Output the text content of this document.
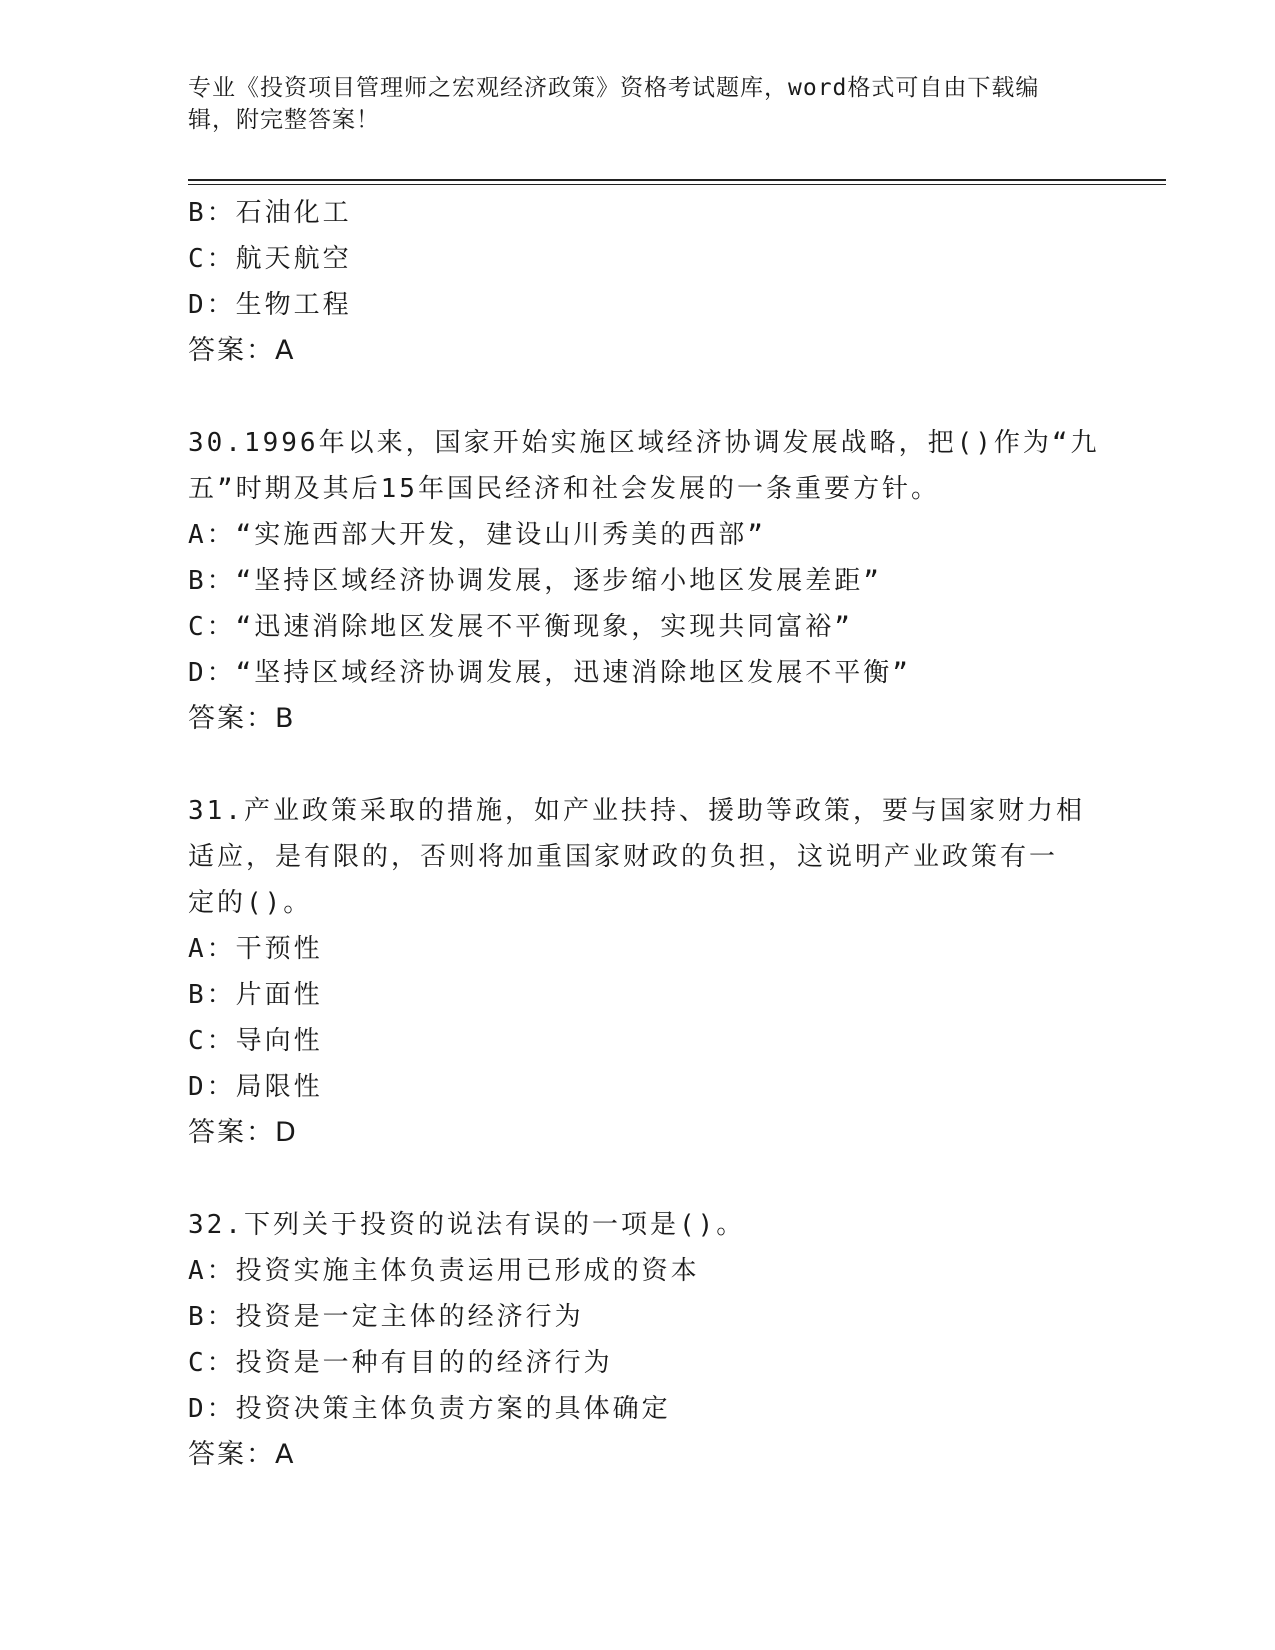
专业《投资项目管理师之宏观经济政策》资格考试题库，word格式可自由下载编辑，附完整答案！
B：石油化工
C：航天航空
D：生物工程
答案：A
30.1996年以来，国家开始实施区域经济协调发展战略，把()作为“九
五”时期及其后15年国民经济和社会发展的一条重要方针。
A：“实施西部大开发，建设山川秀美的西部”
B：“坚持区域经济协调发展，逐步缩小地区发展差距”
C：“迅速消除地区发展不平衡现象，实现共同富裕”
D：“坚持区域经济协调发展，迅速消除地区发展不平衡”
答案：B
31.产业政策采取的措施，如产业扶持、援助等政策，要与国家财力相
适应，是有限的，否则将加重国家财政的负担，这说明产业政策有一
定的()。
A：干预性
B：片面性
C：导向性
D：局限性
答案：D
32.下列关于投资的说法有误的一项是()。
A：投资实施主体负责运用已形成的资本
B：投资是一定主体的经济行为
C：投资是一种有目的的经济行为
D：投资决策主体负责方案的具体确定
答案：A
